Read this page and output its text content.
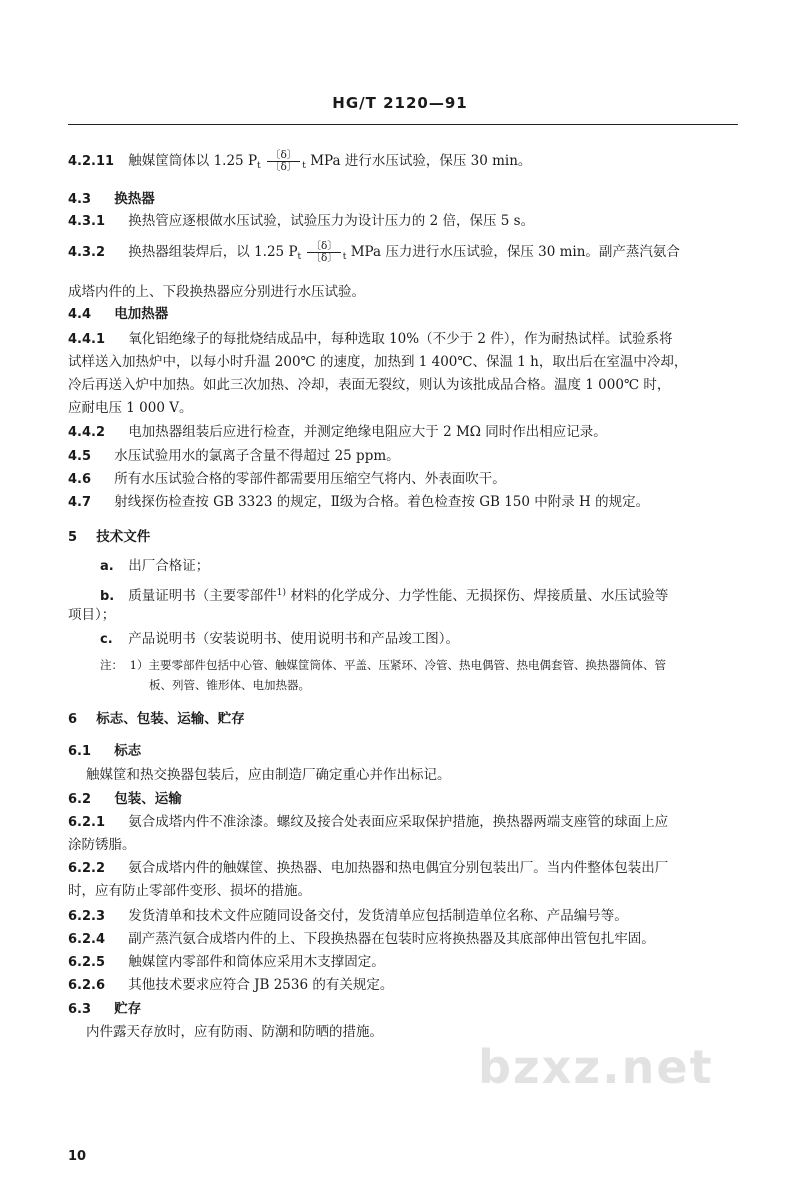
HG/T 2120—91
4.2.11 触媒筐筒体以 1.25 $P_t \frac{〔\delta〕}{〔\delta〕} _t$ MPa 进行水压试验，保压 30 min。
4.3 换热器
4.3.1 换热管应逐根做水压试验，试验压力为设计压力的 2 倍，保压 5 s。
4.3.2 换热器组装焊后，以 1.25 $P_t \frac{〔\delta〕}{〔\delta〕} _t$ MPa 压力进行水压试验，保压 30 min。副产蒸汽氨合
成塔内件的上、下段换热器应分别进行水压试验。
4.4 电加热器
4.4.1 氧化铝绝缘子的每批烧结成品中，每种选取 10%（不少于 2 件），作为耐热试样。试验系将
试样送入加热炉中，以每小时升温 200℃ 的速度，加热到 1 400℃、保温 1 h，取出后在室温中冷却，
冷后再送入炉中加热。如此三次加热、冷却，表面无裂纹，则认为该批成品合格。温度 1 000℃ 时，
应耐电压 1 000 V。
4.4.2 电加热器组装后应进行检查，并测定绝缘电阻应大于 2 MΩ 同时作出相应记录。
4.5 水压试验用水的氯离子含量不得超过 25 ppm。
4.6 所有水压试验合格的零部件都需要用压缩空气将内、外表面吹干。
4.7 射线探伤检查按 GB 3323 的规定，Ⅱ级为合格。着色检查按 GB 150 中附录 H 的规定。
5 技术文件
a. 出厂合格证；
b. 质量证明书（主要零部件$^{1)}$ 材料的化学成分、力学性能、无损探伤、焊接质量、水压试验等
项目）；
c. 产品说明书（安装说明书、使用说明书和产品竣工图）。
注： 1）主要零部件包括中心管、触媒筐筒体、平盖、压紧环、冷管、热电偶管、热电偶套管、换热器筒体、管
板、列管、锥形体、电加热器。
6 标志、包装、运输、贮存
6.1 标志
触媒筐和热交换器包装后，应由制造厂确定重心并作出标记。
6.2 包装、运输
6.2.1 氨合成塔内件不准涂漆。螺纹及接合处表面应采取保护措施，换热器两端支座管的球面上应
涂防锈脂。
6.2.2 氨合成塔内件的触媒筐、换热器、电加热器和热电偶宜分别包装出厂。当内件整体包装出厂
时，应有防止零部件变形、损坏的措施。
6.2.3 发货清单和技术文件应随同设备交付，发货清单应包括制造单位名称、产品编号等。
6.2.4 副产蒸汽氨合成塔内件的上、下段换热器在包装时应将换热器及其底部伸出管包扎牢固。
6.2.5 触媒筐内零部件和筒体应采用木支撑固定。
6.2.6 其他技术要求应符合 JB 2536 的有关规定。
6.3 贮存
内件露天存放时，应有防雨、防潮和防晒的措施。
bzxz.net
10
